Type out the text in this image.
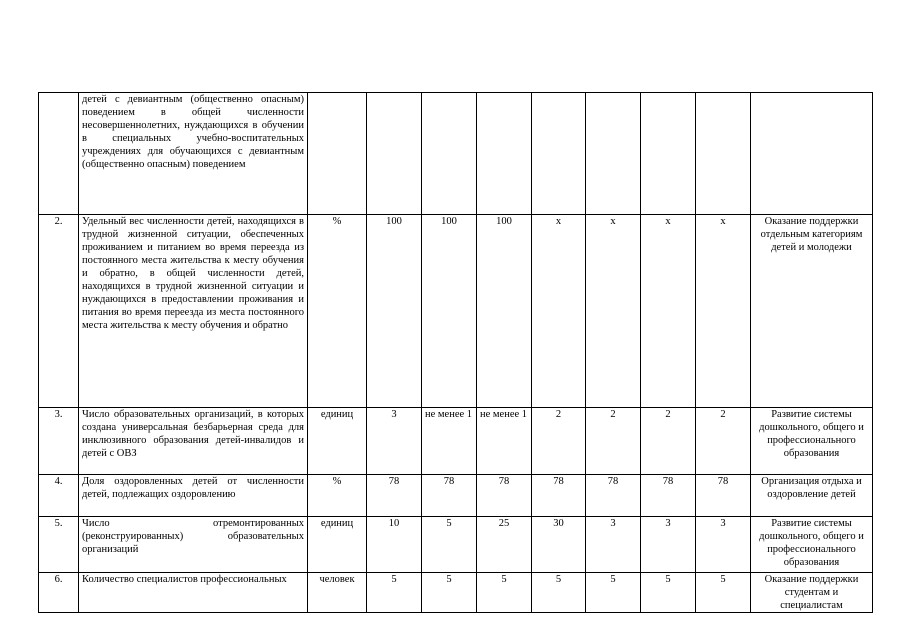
	детей с девиантным (общественно опасным) поведением в общей численности несовершеннолетних, нуждающихся в обучении в специальных учебно-воспитательных учреждениях для обучающихся с девиантным (общественно опасным) поведением									
2.	Удельный вес численности детей, находящихся в трудной жизненной ситуации, обеспеченных проживанием и питанием во время переезда из постоянного места жительства к месту обучения и обратно, в общей численности детей, находящихся в трудной жизненной ситуации и нуждающихся в предоставлении проживания и питания во время переезда из места постоянного места жительства к месту обучения и обратно	%	100	100	100	х	х	х	х	Оказание поддержки отдельным категориям детей и молодежи
3.	Число образовательных организаций, в которых создана универсальная безбарьерная среда для инклюзивного образования детей-инвалидов и детей с ОВЗ	единиц	3	не менее 1	не менее 1	2	2	2	2	Развитие системы дошкольного, общего и профессионального образования
4.	Доля оздоровленных детей от численности детей, подлежащих оздоровлению	%	78	78	78	78	78	78	78	Организация отдыха и оздоровление детей
5.	Число отремонтированных (реконструированных) образовательных организаций	единиц	10	5	25	30	3	3	3	Развитие системы дошкольного, общего и профессионального образования
6.	Количество специалистов профессиональных	человек	5	5	5	5	5	5	5	Оказание поддержки студентам и специалистам
